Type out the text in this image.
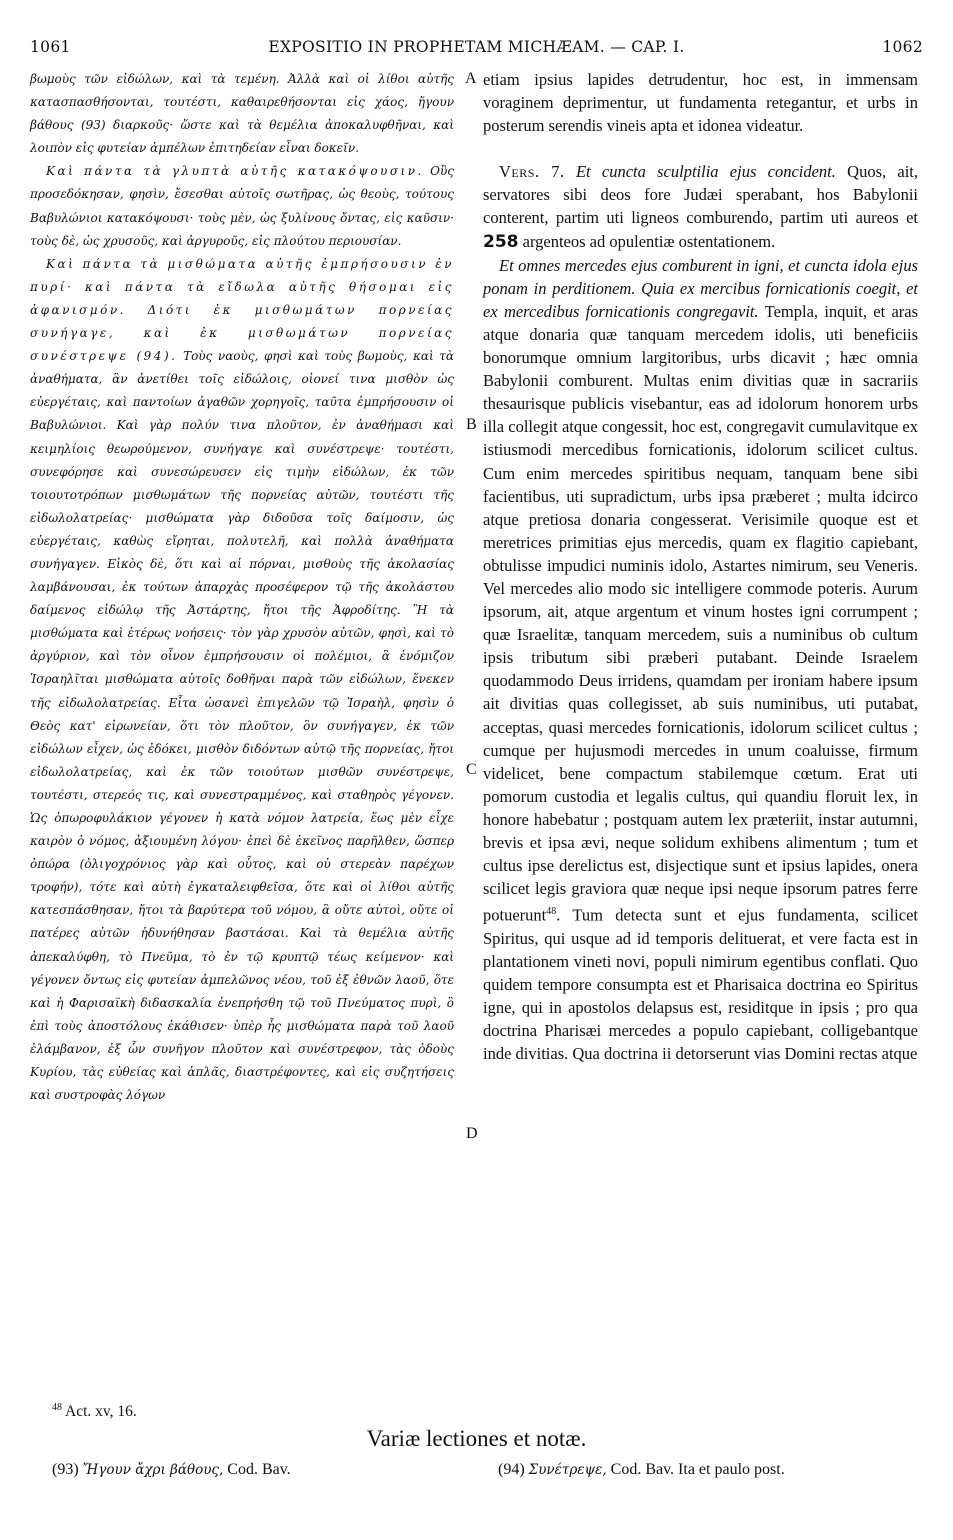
1061	EXPOSITIO IN PROPHETAM MICHÆAM. — CAP. I.	1062

βωμοὺς τῶν εἰδώλων, καὶ τὰ τεμένη. Ἀλλὰ καὶ οἱ λίθοι αὐτῆς κατασπασθήσονται, τουτέστι, καθαιρεθήσονται εἰς χάος, ἤγουν βάθους (93) διαρκοῦς· ὥστε καὶ τὰ θεμέλια ἀποκαλυφθῆναι, καὶ λοιπὸν εἰς φυτείαν ἀμπέλων ἐπιτηδείαν εἶναι δοκεῖν.

Καὶ πάντα τὰ γλυπτὰ αὐτῆς κατακόψουσιν. Οὓς προσεδόκησαν, φησὶν, ἔσεσθαι αὐτοῖς σωτῆρας, ὡς θεοὺς, τούτους Βαβυλώνιοι κατακόψουσι· τοὺς μὲν, ὡς ξυλίνους ὄντας, εἰς καῦσιν· τοὺς δὲ, ὡς χρυσοῦς, καὶ ἀργυροῦς, εἰς πλούτου περιουσίαν.

Καὶ πάντα τὰ μισθώματα αὐτῆς ἐμπρήσουσιν ἐν πυρί· καὶ πάντα τὰ εἴδωλα αὐτῆς θήσομαι εἰς ἀφανισμόν. Διότι ἐκ μισθωμάτων πορνείας συνήγαγε, καὶ ἐκ μισθωμάτων πορνείας συνέστρεψε (94). Τοὺς ναοὺς, φησὶ καὶ τοὺς βωμοὺς, καὶ τὰ ἀναθήματα, ἃν ἀνετίθει τοῖς εἰδώλοις, οἱονεί τινα μισθὸν ὡς εὐεργέταις, καὶ παντοίων ἀγαθῶν χορηγοῖς, ταῦτα ἐμπρήσουσιν οἱ Βαβυλώνιοι. Καὶ γὰρ πολύν τινα πλοῦτον, ἐν ἀναθήμασι καὶ κειμηλίοις θεωρούμενον, συνήγαγε καὶ συνέστρεψε· τουτέστι, συνεφόρησε καὶ συνεσώρευσεν εἰς τιμὴν εἰδώλων, ἐκ τῶν τοιουτοτρόπων μισθωμάτων τῆς πορνείας αὐτῶν, τουτέστι τῆς εἰδωλολατρείας· μισθώματα γὰρ διδοῦσα τοῖς δαίμοσιν, ὡς εὐεργέταις, καθὼς εἴρηται, πολυτελῆ, καὶ πολλὰ ἀναθήματα συνήγαγεν. Εἰκὸς δὲ, ὅτι καὶ αἱ πόρναι, μισθοὺς τῆς ἀκολασίας λαμβάνουσαι, ἐκ τούτων ἀπαρχὰς προσέφερον τῷ τῆς ἀκολάστου δαίμενος εἰδώλῳ τῆς Ἀστάρτης, ἤτοι τῆς Ἀφροδίτης. Ἢ τὰ μισθώματα καὶ ἑτέρως νοήσεις· τὸν γὰρ χρυσὸν αὐτῶν, φησὶ, καὶ τὸ ἀργύριον, καὶ τὸν οἶνον ἐμπρήσουσιν οἱ πολέμιοι, ἃ ἐνόμιζον Ἰσραηλῖται μισθώματα αὐτοῖς δοθῆναι παρὰ τῶν εἰδώλων, ἕνεκεν τῆς εἰδωλολατρείας. Εἶτα ὡσανεὶ ἐπιγελῶν τῷ Ἰσραὴλ, φησὶν ὁ Θεὸς κατ' εἰρωνείαν, ὅτι τὸν πλοῦτον, ὃν συνήγαγεν, ἐκ τῶν εἰδώλων εἶχεν, ὡς ἐδόκει, μισθὸν διδόντων αὐτῷ τῆς πορνείας, ἤτοι εἰδωλολατρείας, καὶ ἐκ τῶν τοιούτων μισθῶν συνέστρεψε, τουτέστι, στερεός τις, καὶ συνεστραμμένος, καὶ σταθηρὸς γέγονεν. Ὡς ὀπωροφυλάκιον γέγονεν ἡ κατὰ νόμον λατρεία, ἕως μὲν εἶχε καιρὸν ὁ νόμος, ἀξιουμένη λόγου· ἐπεὶ δὲ ἐκεῖνος παρῆλθεν, ὥσπερ ὀπώρα (ὀλιγοχρόνιος γὰρ καὶ οὗτος, καὶ οὐ στερεὰν παρέχων τροφήν), τότε καὶ αὐτὴ ἐγκαταλειφθεῖσα, ὅτε καὶ οἱ λίθοι αὐτῆς κατεσπάσθησαν, ἤτοι τὰ βαρύτερα τοῦ νόμου, ἃ οὔτε αὐτοὶ, οὔτε οἱ πατέρες αὐτῶν ἠδυνήθησαν βαστάσαι. Καὶ τὰ θεμέλια αὐτῆς ἀπεκαλύφθη, τὸ Πνεῦμα, τὸ ἐν τῷ κρυπτῷ τέως κείμενον· καὶ γέγονεν ὄντως εἰς φυτείαν ἀμπελῶνος νέου, τοῦ ἐξ ἐθνῶν λαοῦ, ὅτε καὶ ἡ Φαρισαϊκὴ διδασκαλία ἐνεπρήσθη τῷ τοῦ Πνεύματος πυρὶ, ὃ ἐπὶ τοὺς ἀποστόλους ἐκάθισεν· ὑπὲρ ἧς μισθώματα παρὰ τοῦ λαοῦ ἐλάμβανον, ἐξ ὧν συνῆγον πλοῦτον καὶ συνέστρεφον, τὰς ὁδοὺς Κυρίου, τὰς εὐθείας καὶ ἁπλᾶς, διαστρέφοντες, καὶ εἰς συζητήσεις καὶ συστροφὰς λόγων

A
B
C
D

etiam ipsius lapides detrudentur, hoc est, in immensam voraginem deprimentur, ut fundamenta retegantur, et urbs in posterum serendis vineis apta et idonea videatur.

Vers. 7. Et cuncta sculptilia ejus concident. Quos, ait, servatores sibi deos fore Judæi sperabant, hos Babylonii conterent, partim uti ligneos comburendo, partim uti aureos et 258 argenteos ad opulentiæ ostentationem.

Et omnes mercedes ejus comburent in igni, et cuncta idola ejus ponam in perditionem. Quia ex mercibus fornicationis coegit, et ex mercedibus fornicationis congregavit. Templa, inquit, et aras atque donaria quæ tanquam mercedem idolis, uti beneficiis bonorumque omnium largitoribus, urbs dicavit ; hæc omnia Babylonii comburent. Multas enim divitias quæ in sacrariis thesaurisque publicis visebantur, eas ad idolorum honorem urbs illa collegit atque congessit, hoc est, congregavit cumulavitque ex istiusmodi mercedibus fornicationis, idolorum scilicet cultus. Cum enim mercedes spiritibus nequam, tanquam bene sibi facientibus, uti supradictum, urbs ipsa præberet ; multa idcirco atque pretiosa donaria congesserat. Verisimile quoque est et meretrices primitias ejus mercedis, quam ex flagitio capiebant, obtulisse impudici numinis idolo, Astartes nimirum, seu Veneris. Vel mercedes alio modo sic intelligere commode poteris. Aurum ipsorum, ait, atque argentum et vinum hostes igni corrumpent ; quæ Israelitæ, tanquam mercedem, suis a numinibus ob cultum ipsis tributum sibi præberi putabant. Deinde Israelem quodammodo Deus irridens, quamdam per ironiam habere ipsum ait divitias quas collegisset, ab suis numinibus, uti putabat, acceptas, quasi mercedes fornicationis, idolorum scilicet cultus ; cumque per hujusmodi mercedes in unum coaluisse, firmum videlicet, bene compactum stabilemque cœtum. Erat uti pomorum custodia et legalis cultus, qui quandiu floruit lex, in honore habebatur ; postquam autem lex præteriit, instar autumni, brevis et ipsa ævi, neque solidum exhibens alimentum ; tum et cultus ipse derelictus est, disjectique sunt et ipsius lapides, onera scilicet legis graviora quæ neque ipsi neque ipsorum patres ferre potuerunt$^{48}$. Tum detecta sunt et ejus fundamenta, scilicet Spiritus, qui usque ad id temporis delituerat, et vere facta est in plantationem vineti novi, populi nimirum egentibus conflati. Quo quidem tempore consumpta est et Pharisaica doctrina eo Spiritus igne, qui in apostolos delapsus est, residitque in ipsis ; pro qua doctrina Pharisæi mercedes a populo capiebant, colligebantque inde divitias. Qua doctrina ii detorserunt vias Domini rectas atque

$^{48}$ Act. xv, 16.
Variæ lectiones et notæ.
(93) Ἤγουν ἄχρι βάθους, Cod. Bav.	(94) Συνέτρεψε, Cod. Bav. Ita et paulo post.
